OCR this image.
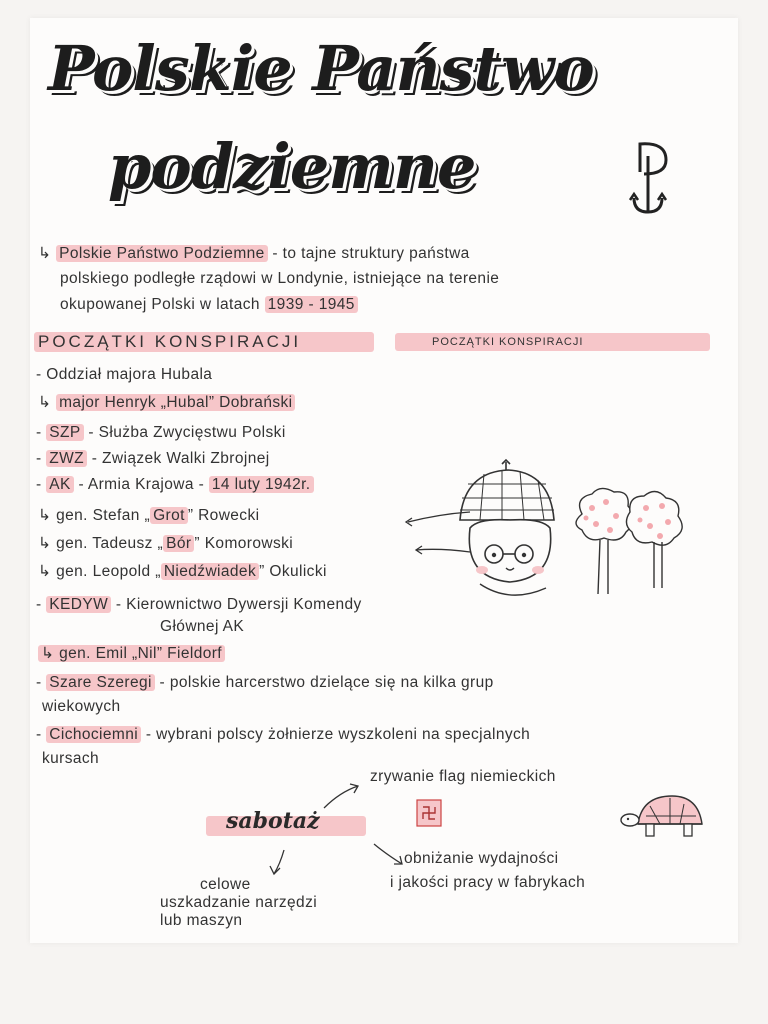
Polskie Państwo
podziemne
↳ Polskie Państwo Podziemne - to tajne struktury państwa
polskiego podległe rządowi w Londynie, istniejące na terenie
okupowanej Polski w latach 1939 - 1945
POCZĄTKI KONSPIRACJI	POCZĄTKI KONSPIRACJI
- Oddział majora Hubala
↳ major Henryk „Hubal” Dobrański
- SZP - Służba Zwycięstwu Polski
- ZWZ - Związek Walki Zbrojnej
- AK - Armia Krajowa - 14 luty 1942r.
↳ gen. Stefan „ Grot ” Rowecki
↳ gen. Tadeusz „ Bór ” Komorowski
↳ gen. Leopold „ Niedźwiadek ” Okulicki
- KEDYW - Kierownictwo Dywersji Komendy
Głównej AK
↳ gen. Emil „Nil” Fieldorf
- Szare Szeregi - polskie harcerstwo dzielące się na kilka grup
wiekowych
- Cichociemni - wybrani polscy żołnierze wyszkoleni na specjalnych
kursach
sabotaż
zrywanie flag niemieckich
obniżanie wydajności
i jakości pracy w fabrykach
celowe
uszkadzanie narzędzi
lub maszyn
